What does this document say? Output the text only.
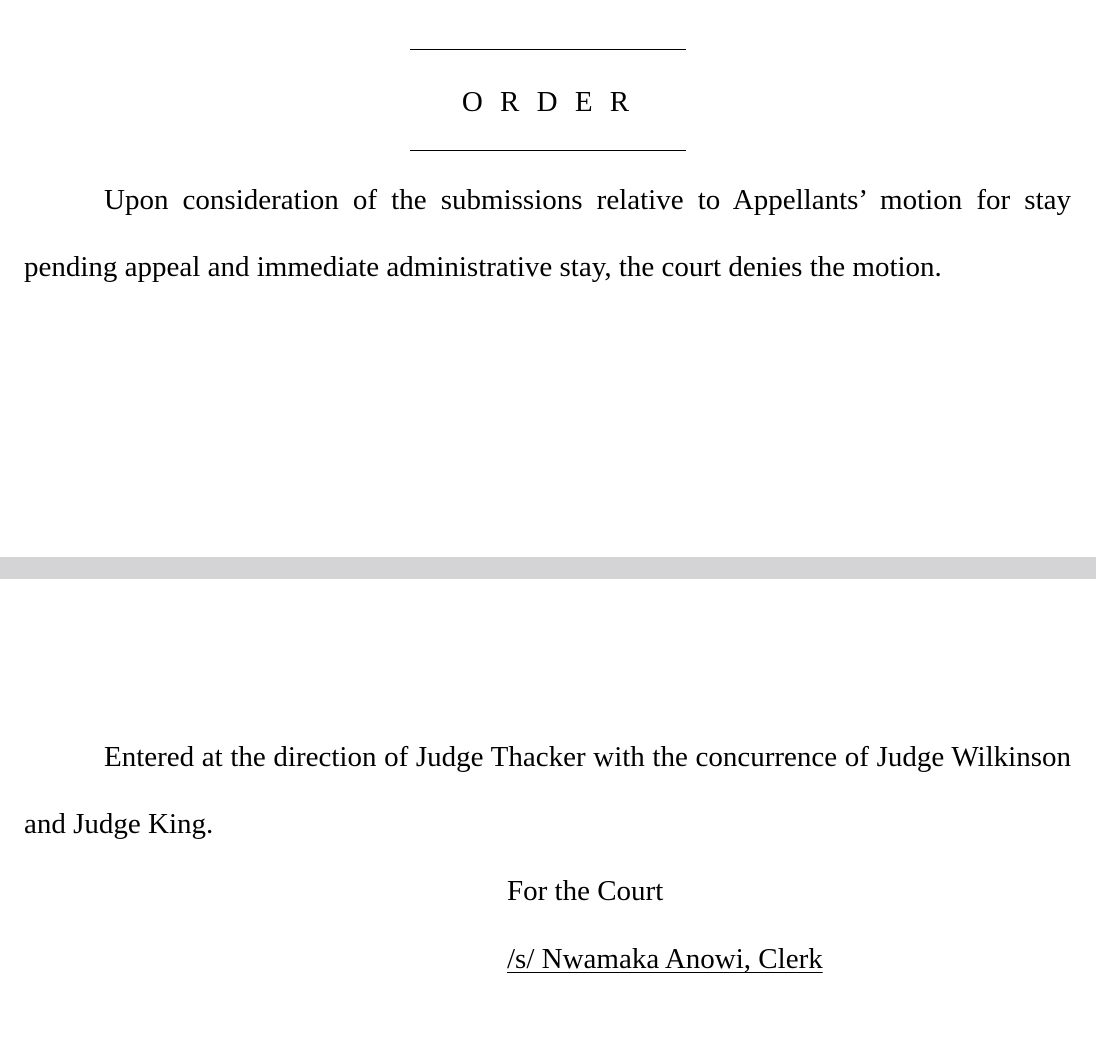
O R D E R

Upon consideration of the submissions relative to Appellants’ motion for stay pending appeal and immediate administrative stay, the court denies the motion.

Entered at the direction of Judge Thacker with the concurrence of Judge Wilkinson and Judge King.

For the Court
/s/ Nwamaka Anowi, Clerk
